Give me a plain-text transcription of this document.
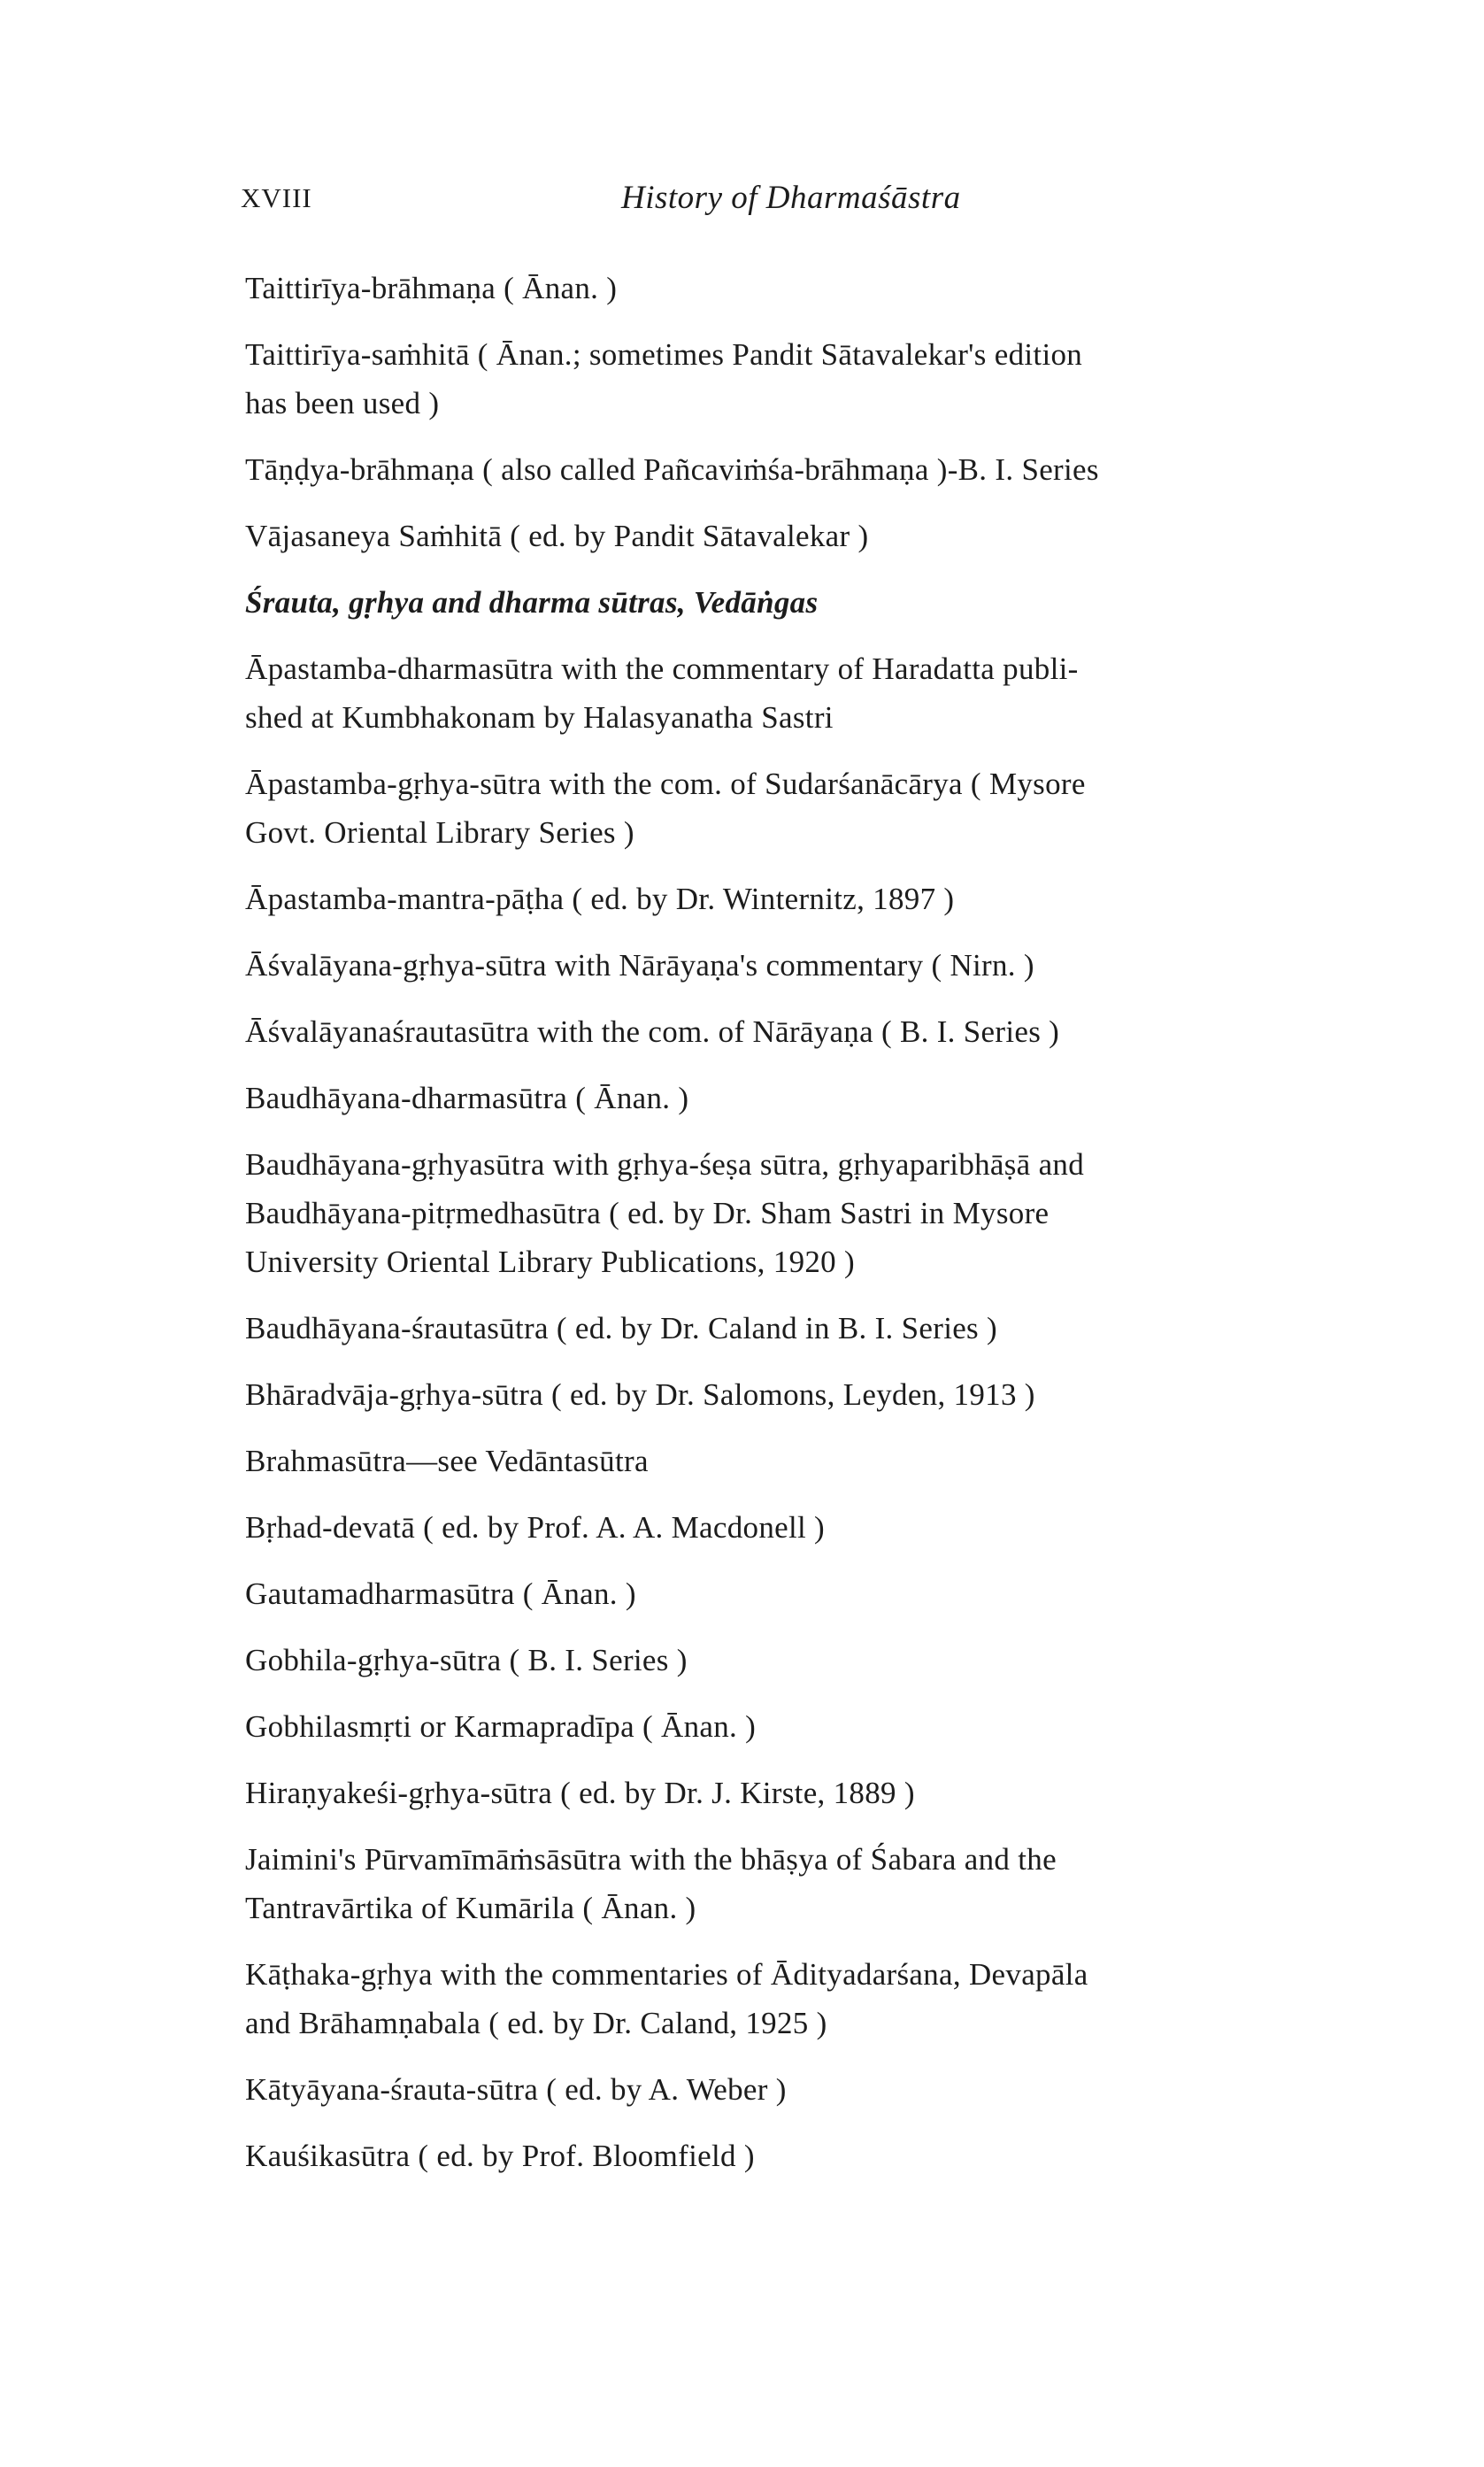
XVIII	History of Dharmaśāstra
Taittirīya-brāhmaṇa ( Ānan. )
Taittirīya-saṁhitā ( Ānan.; sometimes Pandit Sātavalekar's edition
has been used )
Tāṇḍya-brāhmaṇa ( also called Pañcaviṁśa-brāhmaṇa )-B. I. Series
Vājasaneya Saṁhitā ( ed. by Pandit Sātavalekar )
Śrauta, gṛhya and dharma sūtras, Vedāṅgas
Āpastamba-dharmasūtra with the commentary of Haradatta publi-
shed at Kumbhakonam by Halasyanatha Sastri
Āpastamba-gṛhya-sūtra with the com. of Sudarśanācārya ( Mysore
Govt. Oriental Library Series )
Āpastamba-mantra-pāṭha ( ed. by Dr. Winternitz, 1897 )
Āśvalāyana-gṛhya-sūtra with Nārāyaṇa's commentary ( Nirn. )
Āśvalāyanaśrautasūtra with the com. of Nārāyaṇa ( B. I. Series )
Baudhāyana-dharmasūtra ( Ānan. )
Baudhāyana-gṛhyasūtra with gṛhya-śeṣa sūtra, gṛhyaparibhāṣā and
Baudhāyana-pitṛmedhasūtra ( ed. by Dr. Sham Sastri in Mysore
University Oriental Library Publications, 1920 )
Baudhāyana-śrautasūtra ( ed. by Dr. Caland in B. I. Series )
Bhāradvāja-gṛhya-sūtra ( ed. by Dr. Salomons, Leyden, 1913 )
Brahmasūtra—see Vedāntasūtra
Bṛhad-devatā ( ed. by Prof. A. A. Macdonell )
Gautamadharmasūtra ( Ānan. )
Gobhila-gṛhya-sūtra ( B. I. Series )
Gobhilasmṛti or Karmapradīpa ( Ānan. )
Hiraṇyakeśi-gṛhya-sūtra ( ed. by Dr. J. Kirste, 1889 )
Jaimini's Pūrvamīmāṁsāsūtra with the bhāṣya of Śabara and the
Tantravārtika of Kumārila ( Ānan. )
Kāṭhaka-gṛhya with the commentaries of Ādityadarśana, Devapāla
and Brāhamṇabala ( ed. by Dr. Caland, 1925 )
Kātyāyana-śrauta-sūtra ( ed. by A. Weber )
Kauśikasūtra ( ed. by Prof. Bloomfield )
